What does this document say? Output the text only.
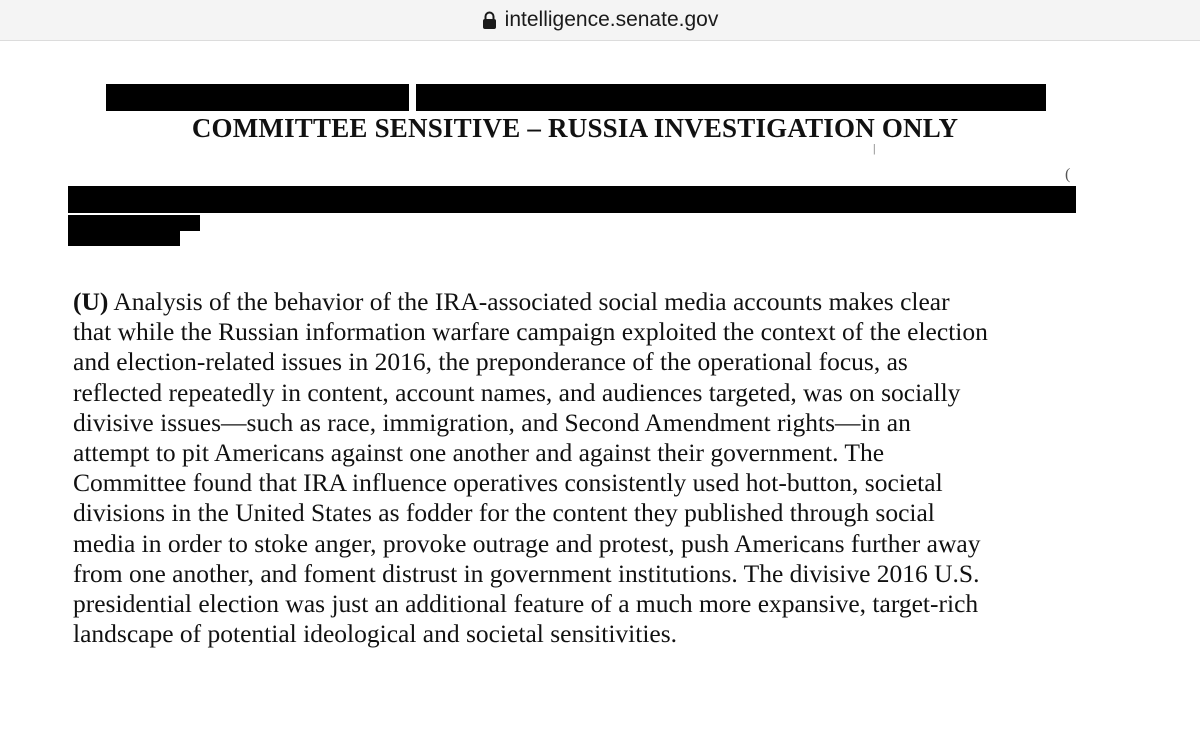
intelligence.senate.gov
COMMITTEE SENSITIVE – RUSSIA INVESTIGATION ONLY
(
|
(U) Analysis of the behavior of the IRA-associated social media accounts makes clear
that while the Russian information warfare campaign exploited the context of the election
and election-related issues in 2016, the preponderance of the operational focus, as
reflected repeatedly in content, account names, and audiences targeted, was on socially
divisive issues—such as race, immigration, and Second Amendment rights—in an
attempt to pit Americans against one another and against their government. The
Committee found that IRA influence operatives consistently used hot-button, societal
divisions in the United States as fodder for the content they published through social
media in order to stoke anger, provoke outrage and protest, push Americans further away
from one another, and foment distrust in government institutions. The divisive 2016 U.S.
presidential election was just an additional feature of a much more expansive, target-rich
landscape of potential ideological and societal sensitivities.
